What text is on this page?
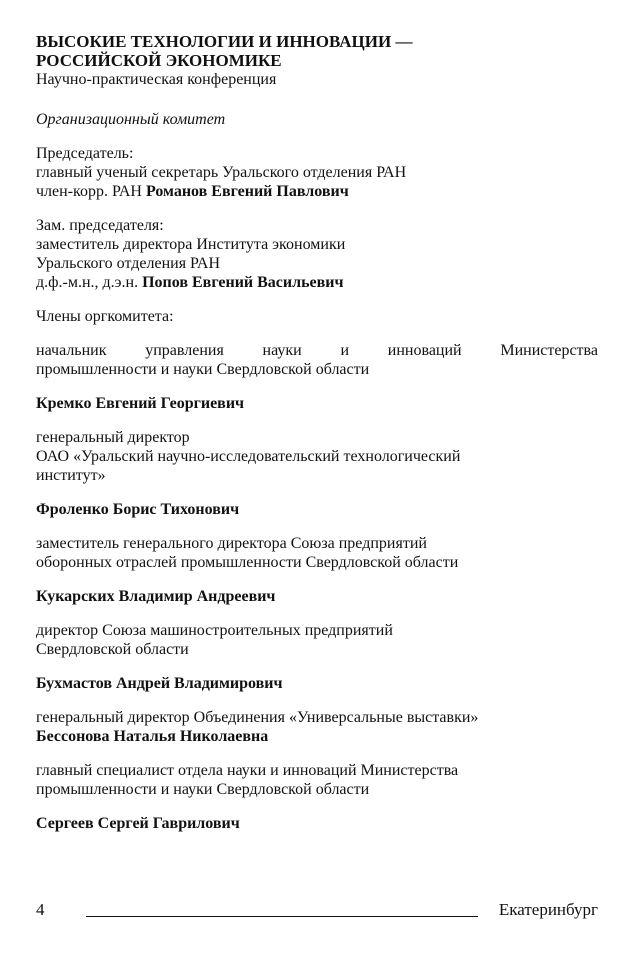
ВЫСОКИЕ ТЕХНОЛОГИИ И ИННОВАЦИИ —
РОССИЙСКОЙ ЭКОНОМИКЕ

Научно-практическая конференция

Организационный комитет

Председатель:
главный ученый секретарь Уральского отделения РАН
член-корр. РАН Романов Евгений Павлович
Зам. председателя:
заместитель директора Института экономики
Уральского отделения РАН
д.ф.-м.н., д.э.н. Попов Евгений Васильевич
Члены оргкомитета:
начальник управления науки и инноваций Министерства
промышленности и науки Свердловской области
Кремко Евгений Георгиевич
генеральный директор
ОАО «Уральский научно-исследовательский технологический
институт»
Фроленко Борис Тихонович
заместитель генерального директора Союза предприятий
оборонных отраслей промышленности Свердловской области
Кукарских Владимир Андреевич
директор Союза машиностроительных предприятий
Свердловской области
Бухмастов Андрей Владимирович
генеральный директор Объединения «Универсальные выставки»
Бессонова Наталья Николаевна
главный специалист отдела науки и инноваций Министерства
промышленности и науки Свердловской области
Сергеев Сергей Гаврилович
4	Екатеринбург
